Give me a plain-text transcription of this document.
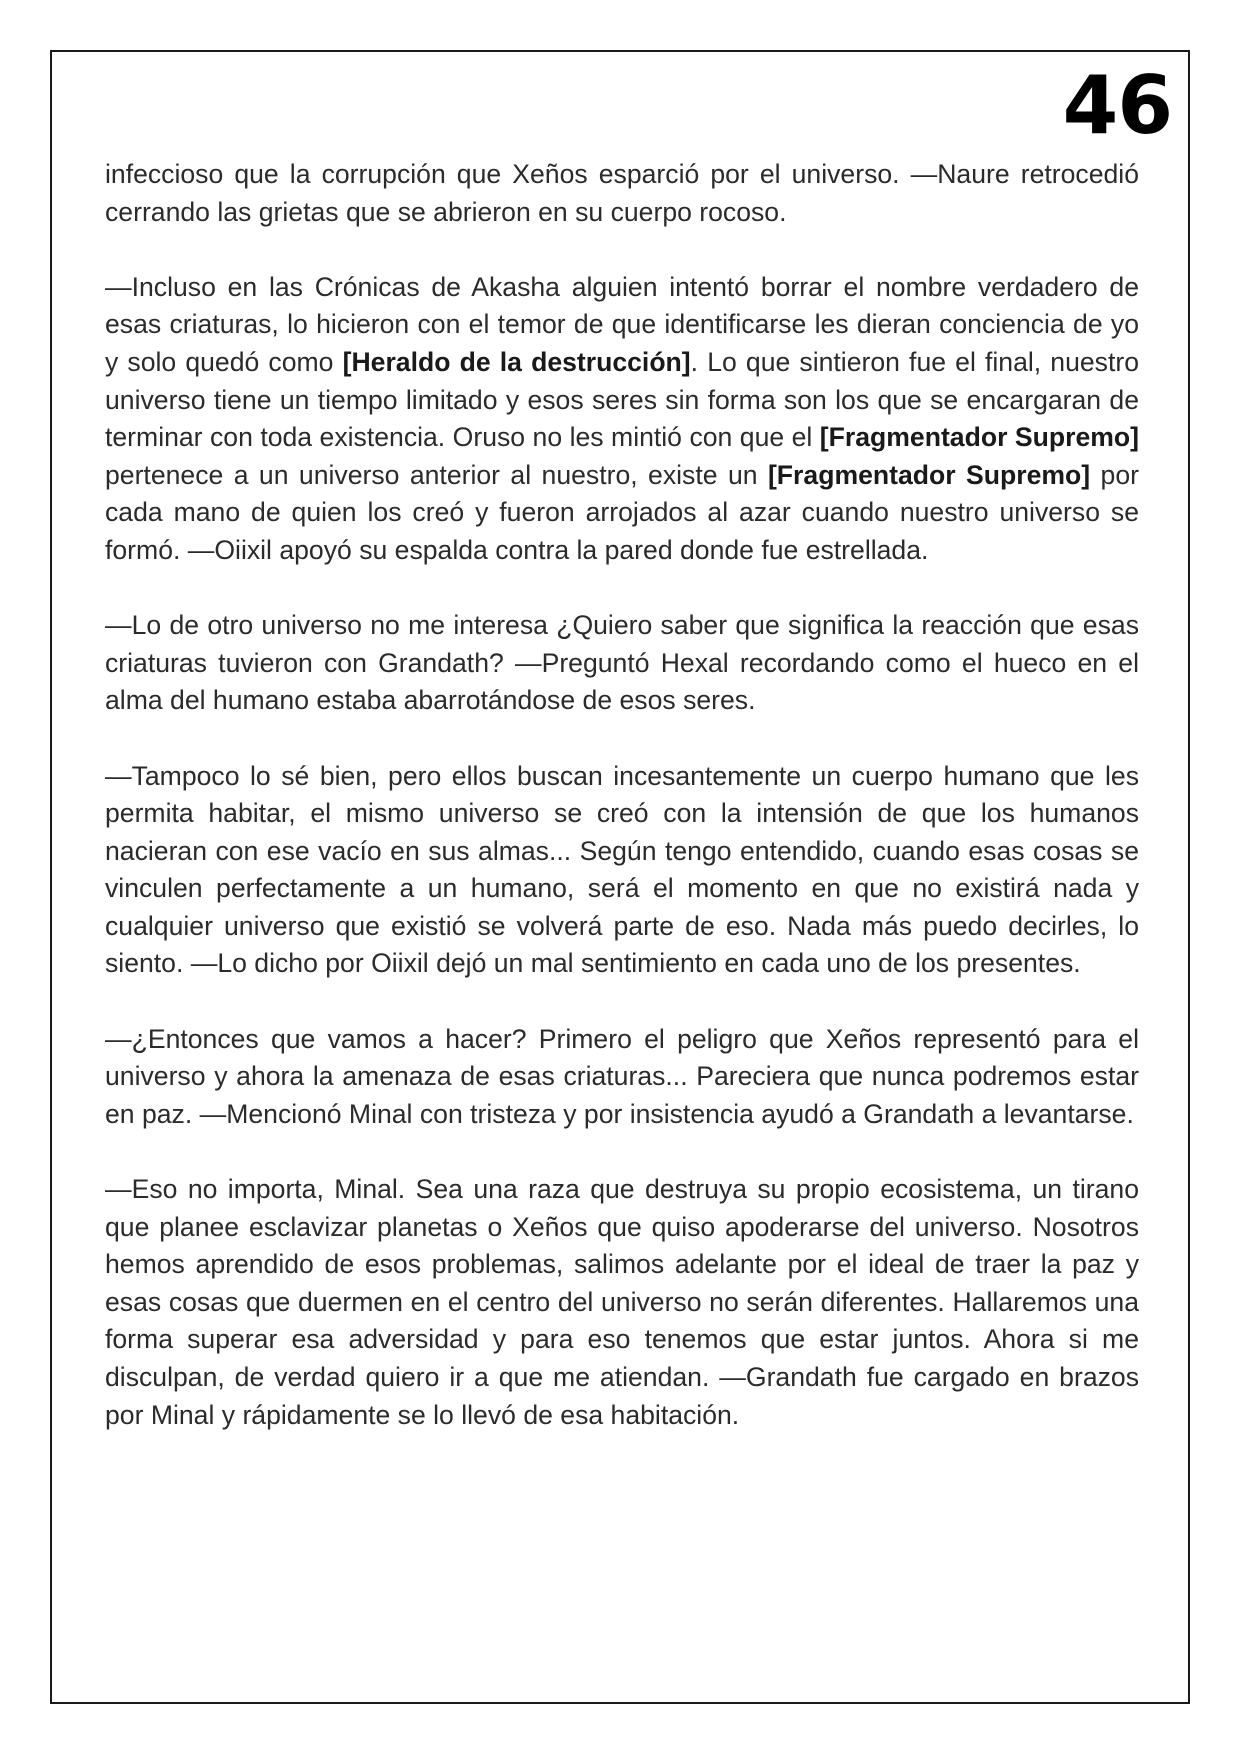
46

infeccioso que la corrupción que Xeños esparció por el universo. —Naure retrocedió cerrando las grietas que se abrieron en su cuerpo rocoso.

—Incluso en las Crónicas de Akasha alguien intentó borrar el nombre verdadero de esas criaturas, lo hicieron con el temor de que identificarse les dieran conciencia de yo y solo quedó como [Heraldo de la destrucción]. Lo que sintieron fue el final, nuestro universo tiene un tiempo limitado y esos seres sin forma son los que se encargaran de terminar con toda existencia. Oruso no les mintió con que el [Fragmentador Supremo] pertenece a un universo anterior al nuestro, existe un [Fragmentador Supremo] por cada mano de quien los creó y fueron arrojados al azar cuando nuestro universo se formó. —Oiixil apoyó su espalda contra la pared donde fue estrellada.

—Lo de otro universo no me interesa ¿Quiero saber que significa la reacción que esas criaturas tuvieron con Grandath? —Preguntó Hexal recordando como el hueco en el alma del humano estaba abarrotándose de esos seres.

—Tampoco lo sé bien, pero ellos buscan incesantemente un cuerpo humano que les permita habitar, el mismo universo se creó con la intensión de que los humanos nacieran con ese vacío en sus almas... Según tengo entendido, cuando esas cosas se vinculen perfectamente a un humano, será el momento en que no existirá nada y cualquier universo que existió se volverá parte de eso. Nada más puedo decirles, lo siento. —Lo dicho por Oiixil dejó un mal sentimiento en cada uno de los presentes.

—¿Entonces que vamos a hacer? Primero el peligro que Xeños representó para el universo y ahora la amenaza de esas criaturas... Pareciera que nunca podremos estar en paz. —Mencionó Minal con tristeza y por insistencia ayudó a Grandath a levantarse.

—Eso no importa, Minal. Sea una raza que destruya su propio ecosistema, un tirano que planee esclavizar planetas o Xeños que quiso apoderarse del universo. Nosotros hemos aprendido de esos problemas, salimos adelante por el ideal de traer la paz y esas cosas que duermen en el centro del universo no serán diferentes. Hallaremos una forma superar esa adversidad y para eso tenemos que estar juntos. Ahora si me disculpan, de verdad quiero ir a que me atiendan. —Grandath fue cargado en brazos por Minal y rápidamente se lo llevó de esa habitación.
